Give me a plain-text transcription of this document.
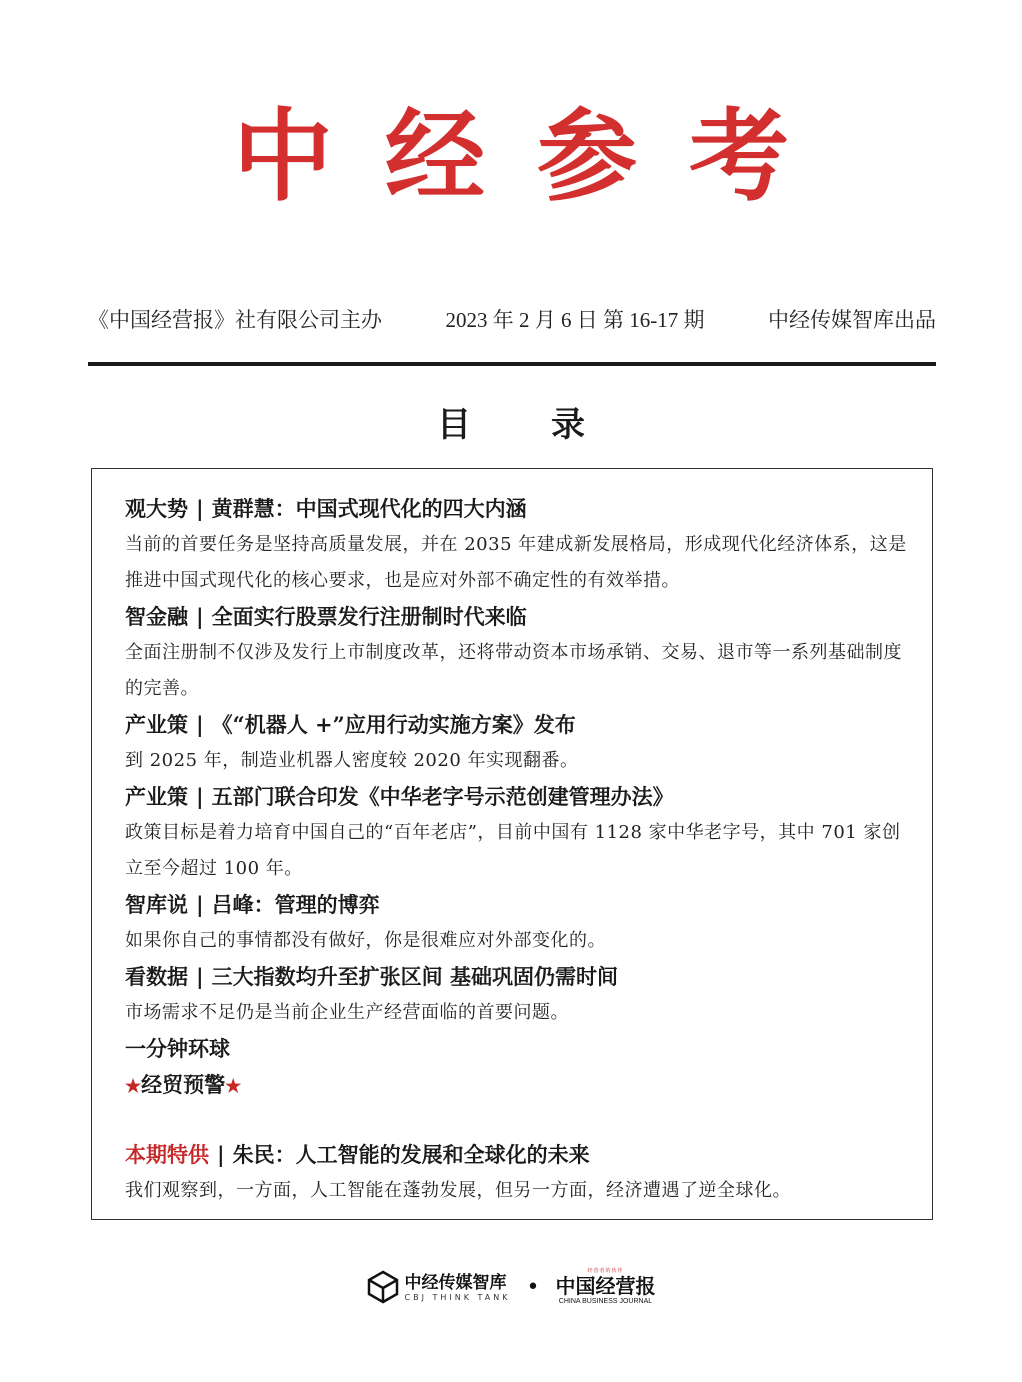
中经参考
《中国经营报》社有限公司主办	2023 年 2 月 6 日 第 16-17 期	中经传媒智库出品
目录
观大势 | 黄群慧：中国式现代化的四大内涵
当前的首要任务是坚持高质量发展，并在 2035 年建成新发展格局，形成现代化经济体系，这是推进中国式现代化的核心要求，也是应对外部不确定性的有效举措。
智金融 | 全面实行股票发行注册制时代来临
全面注册制不仅涉及发行上市制度改革，还将带动资本市场承销、交易、退市等一系列基础制度的完善。
产业策 | 《“机器人 +”应用行动实施方案》发布
到 2025 年，制造业机器人密度较 2020 年实现翻番。
产业策 | 五部门联合印发《中华老字号示范创建管理办法》
政策目标是着力培育中国自己的“百年老店”，目前中国有 1128 家中华老字号，其中 701 家创立至今超过 100 年。
智库说 | 吕峰：管理的博弈
如果你自己的事情都没有做好，你是很难应对外部变化的。
看数据 | 三大指数均升至扩张区间 基础巩固仍需时间
市场需求不足仍是当前企业生产经营面临的首要问题。
一分钟环球
★经贸预警★
本期特供 | 朱民：人工智能的发展和全球化的未来
我们观察到，一方面，人工智能在蓬勃发展，但另一方面，经济遭遇了逆全球化。
中经传媒智库
CBJ THINK TANK •
经营者的伙伴
中国经营报
CHINA BUSINESS JOURNAL
